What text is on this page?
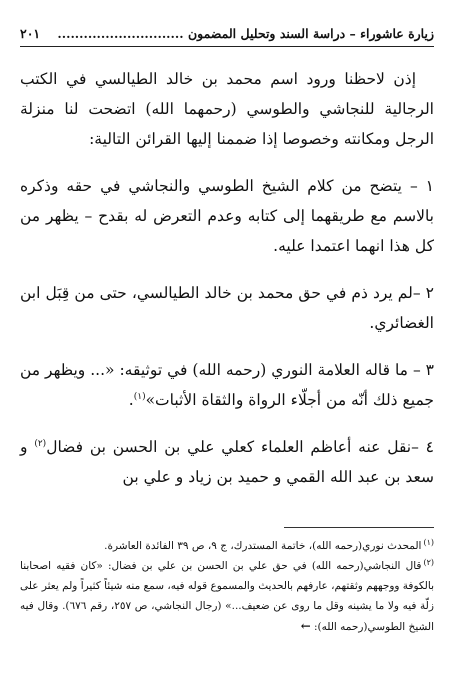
زيارة عاشوراء – دراسة السند وتحليل المضمون .............................
٢٠١

إذن لاحظنا ورود اسم محمد بن خالد الطيالسي في الكتب الرجالية للنجاشي والطوسي (رحمهما الله) اتضحت لنا منزلة الرجل ومكانته وخصوصا إذا ضممنا إليها القرائن التالية:

١ – يتضح من كلام الشيخ الطوسي والنجاشي في حقه وذكره بالاسم مع طريقهما إلى كتابه وعدم التعرض له بقدح – يظهر من كل هذا انهما اعتمدا عليه.

٢ –لم يرد ذم في حق محمد بن خالد الطيالسي، حتى من قِبَل ابن الغضائري.

٣ – ما قاله العلامة النوري (رحمه الله) في توثيقه: «... ويظهر من جميع ذلك أنّه من أجلّاء الرواة والثقاة الأثبات»$^{(١)}$.

٤ –نقل عنه أعاظم العلماء كعلي علي بن الحسن بن فضال$^{(٢)}$ و سعد بن عبد الله القمي و حميد بن زياد و علي بن

$^{(١)}$المحدث نوري(رحمه الله)، خاتمة المستدرك، ج ٩، ص ٣٩ الفائدة العاشرة.

$^{(٢)}$قال النجاشي(رحمه الله) في حق علي بن الحسن بن علي بن فضال: «كان فقيه اصحابنا بالكوفة ووجههم وثقتهم، عارفهم بالحديث والمسموع قوله فيه، سمع منه شيئاً كثيراً ولم يعثر على زلّة فيه ولا ما يشينه وقل ما روى عن ضعيف...» (رجال النجاشي، ص ٢٥٧، رقم ٦٧٦). وقال فيه الشيخ الطوسي(رحمه الله): ←
